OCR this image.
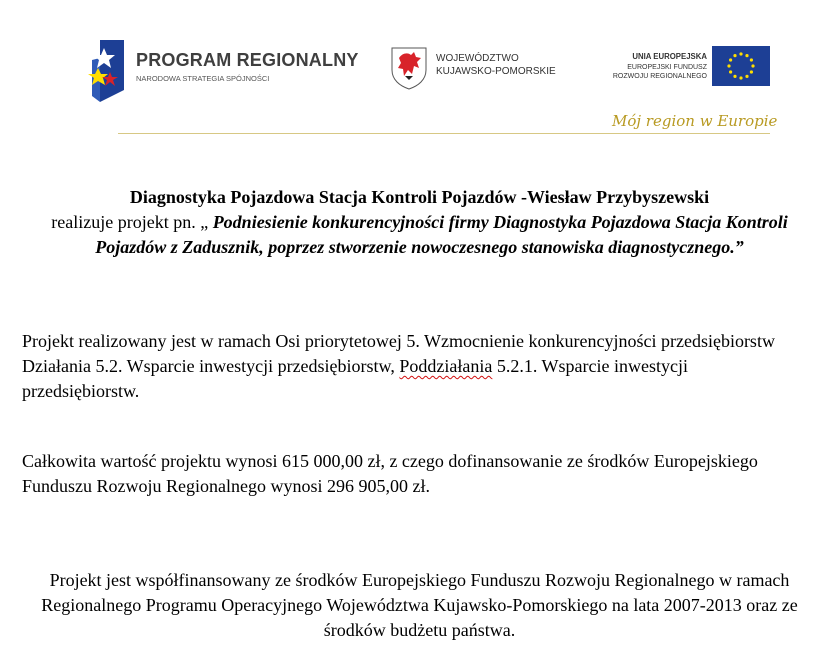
PROGRAM REGIONALNY
NARODOWA STRATEGIA SPÓJNOŚCI
WOJEWÓDZTWO
KUJAWSKO-POMORSKIE
UNIA EUROPEJSKA
EUROPEJSKI FUNDUSZ
ROZWOJU REGIONALNEGO
Mój region w Europie
Diagnostyka Pojazdowa Stacja Kontroli Pojazdów -Wiesław Przybyszewski
realizuje projekt pn. „ Podniesienie konkurencyjności firmy Diagnostyka Pojazdowa Stacja Kontroli Pojazdów z Zadusznik, poprzez stworzenie nowoczesnego stanowiska diagnostycznego.”
Projekt realizowany jest w ramach Osi priorytetowej 5. Wzmocnienie konkurencyjności przedsiębiorstw Działania 5.2. Wsparcie inwestycji przedsiębiorstw, Poddziałania 5.2.1. Wsparcie inwestycji przedsiębiorstw.
Całkowita wartość projektu wynosi 615 000,00 zł, z czego dofinansowanie ze środków Europejskiego Funduszu Rozwoju Regionalnego wynosi 296 905,00 zł.
Projekt jest współfinansowany ze środków Europejskiego Funduszu Rozwoju Regionalnego w ramach Regionalnego Programu Operacyjnego Województwa Kujawsko-Pomorskiego na lata 2007-2013 oraz ze środków budżetu państwa.
